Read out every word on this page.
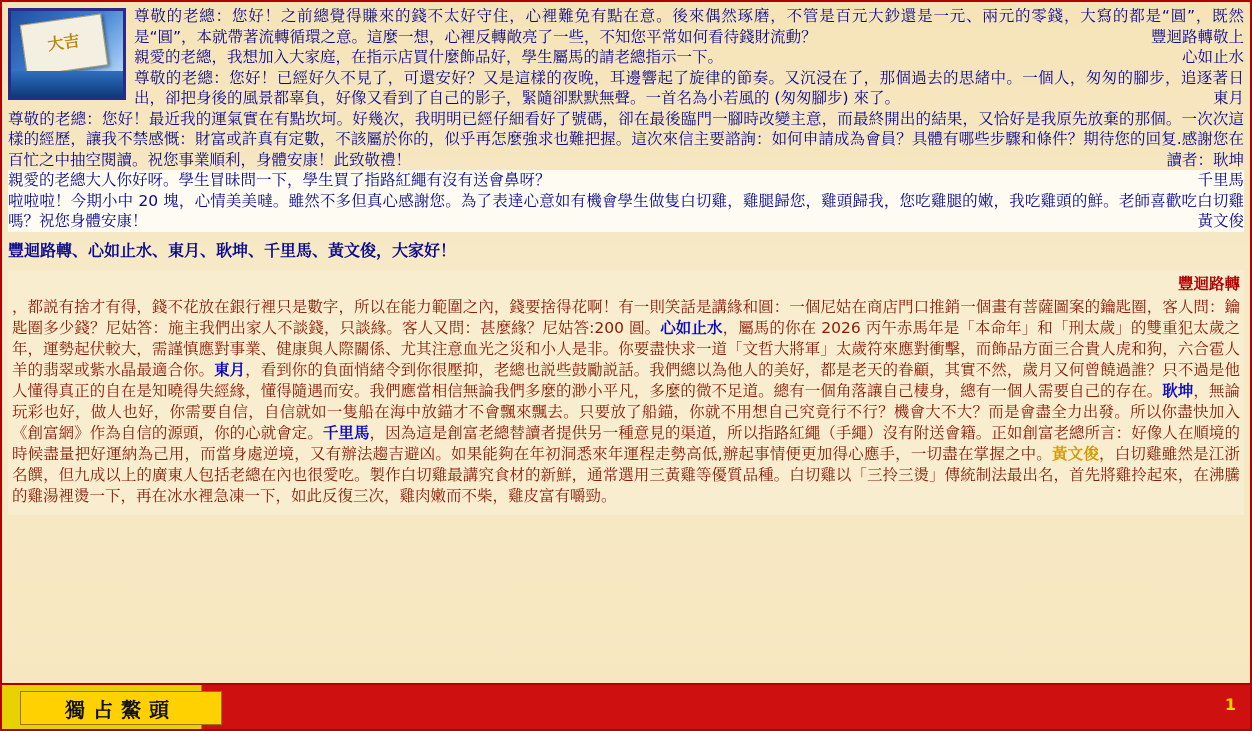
大吉
尊敬的老總：您好！之前總覺得賺來的錢不太好守住，心裡難免有點在意。後來偶然琢磨，不管是百元大鈔還是一元、兩元的零錢，大寫的都是“圓”，既然是“圓”，本就帶著流轉循環之意。這麼一想，心裡反轉敞亮了一些，不知您平常如何看待錢財流動？	豐迴路轉敬上
親愛的老總，我想加入大家庭，在指示店買什麼飾品好，學生屬馬的請老總指示一下。	心如止水
尊敬的老總：您好！已經好久不見了，可還安好？又是這樣的夜晚，耳邊響起了旋律的節奏。又沉浸在了，那個過去的思緒中。一個人，匆匆的腳步，追逐著日出，卻把身後的風景都辜負，好像又看到了自己的影子，緊隨卻默默無聲。一首名為小若風的 (匆匆腳步) 來了。	東月
尊敬的老總：您好！最近我的運氣實在有點坎坷。好幾次，我明明已經仔細看好了號碼，卻在最後臨門一腳時改變主意，而最終開出的結果，又恰好是我原先放棄的那個。一次次這樣的經歷，讓我不禁感慨：財富或許真有定數，不該屬於你的，似乎再怎麼強求也難把握。這次來信主要諮詢：如何申請成為會員？具體有哪些步驟和條件？期待您的回复.感謝您在百忙之中抽空閱讀。祝您事業順利，身體安康！此致敬禮！	讀者：耿坤
親愛的老總大人你好呀。學生冒昧問一下，學生買了指路紅繩有沒有送會鼻呀？	千里馬
啦啦啦！今期小中 20 塊，心情美美噠。雖然不多但真心感謝您。為了表達心意如有機會學生做隻白切雞，雞腿歸您，雞頭歸我，您吃雞腿的嫩，我吃雞頭的鮮。老師喜歡吃白切雞嗎？祝您身體安康！	黃文俊
豐迴路轉、心如止水、東月、耿坤、千里馬、黃文俊，大家好！
豐迴路轉
，都説有捨才有得，錢不花放在銀行裡只是數字，所以在能力範圍之內，錢要捨得花啊！有一則笑話是講緣和圓：一個尼姑在商店門口推銷一個畫有菩薩圖案的鑰匙圈，客人問：鑰匙圈多少錢？尼姑答：施主我們出家人不談錢，只談緣。客人又問：甚麼緣？尼姑答:200 圓。心如止水，屬馬的你在 2026 丙午赤馬年是「本命年」和「刑太歲」的雙重犯太歲之年，運勢起伏較大，需謹慎應對事業、健康與人際關係、尤其注意血光之災和小人是非。你要盡快求一道「文哲大將軍」太歲符來應對衝擊，而飾品方面三合貴人虎和狗，六合雹人羊的翡翠或紫水晶最適合你。東月，看到你的負面悄緒令到你很壓抑，老總也説些鼓勵説話。我們總以為他人的美好，都是老天的眷顧，其實不然，歲月又何曾饒過誰？只不過是他人懂得真正的自在是知曉得失經緣，懂得隨遇而安。我們應當相信無論我們多麼的渺小平凡，多麼的微不足道。總有一個角落讓自己棲身，總有一個人需要自己的存在。耿坤，無論玩彩也好，做人也好，你需要自信，自信就如一隻船在海中放錨才不會飄來飄去。只要放了船錨，你就不用想自己究竟行不行？機會大不大？而是會盡全力出發。所以你盡快加入《創富網》作為自信的源頭，你的心就會定。千里馬，因為這是創富老總替讀者提供另一種意見的渠道，所以指路紅繩（手繩）沒有附送會籍。正如創富老總所言：好像人在順境的時候盡量把好運納為己用，而當身處逆境，又有辦法趨吉避凶。如果能夠在年初洞悉來年運程走勢高低,辦起事情便更加得心應手，一切盡在掌握之中。黃文俊，白切雞雖然是江浙名饌，但九成以上的廣東人包括老總在內也很愛吃。製作白切雞最講究食材的新鮮，通常選用三黃雞等優質品種。白切雞以「三拎三燙」傳統制法最出名，首先將雞拎起來，在沸騰的雞湯裡燙一下，再在冰水裡急凍一下，如此反復三次，雞肉嫩而不柴，雞皮富有嚼勁。
獨占鰲頭	1
